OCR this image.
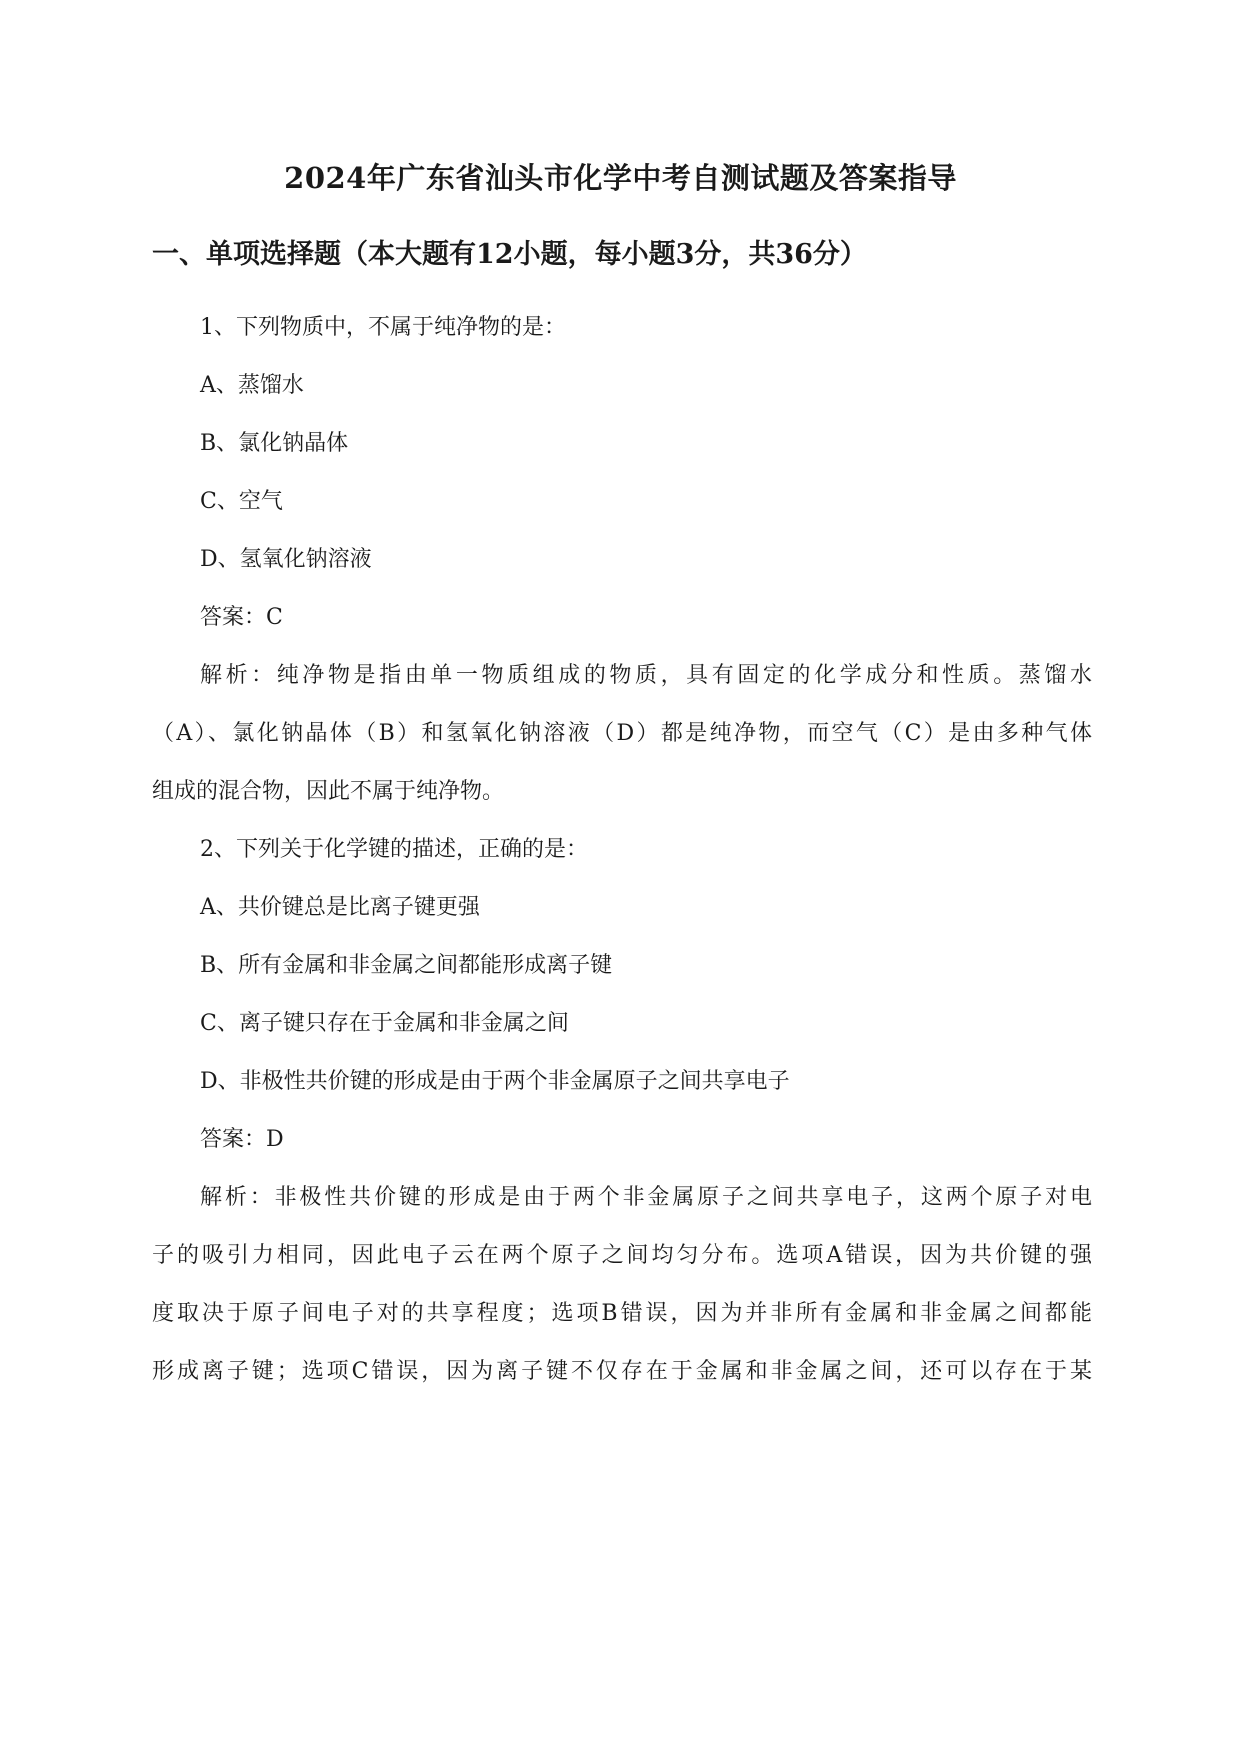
2024年广东省汕头市化学中考自测试题及答案指导
一、单项选择题（本大题有12小题，每小题3分，共36分）
1、下列物质中，不属于纯净物的是：
A、蒸馏水
B、氯化钠晶体
C、空气
D、氢氧化钠溶液
答案：C
解析：纯净物是指由单一物质组成的物质，具有固定的化学成分和性质。蒸馏水
（A）、氯化钠晶体（B）和氢氧化钠溶液（D）都是纯净物，而空气（C）是由多种气体
组成的混合物，因此不属于纯净物。
2、下列关于化学键的描述，正确的是：
A、共价键总是比离子键更强
B、所有金属和非金属之间都能形成离子键
C、离子键只存在于金属和非金属之间
D、非极性共价键的形成是由于两个非金属原子之间共享电子
答案：D
解析：非极性共价键的形成是由于两个非金属原子之间共享电子，这两个原子对电
子的吸引力相同，因此电子云在两个原子之间均匀分布。选项A错误，因为共价键的强
度取决于原子间电子对的共享程度；选项B错误，因为并非所有金属和非金属之间都能
形成离子键；选项C错误，因为离子键不仅存在于金属和非金属之间，还可以存在于某
